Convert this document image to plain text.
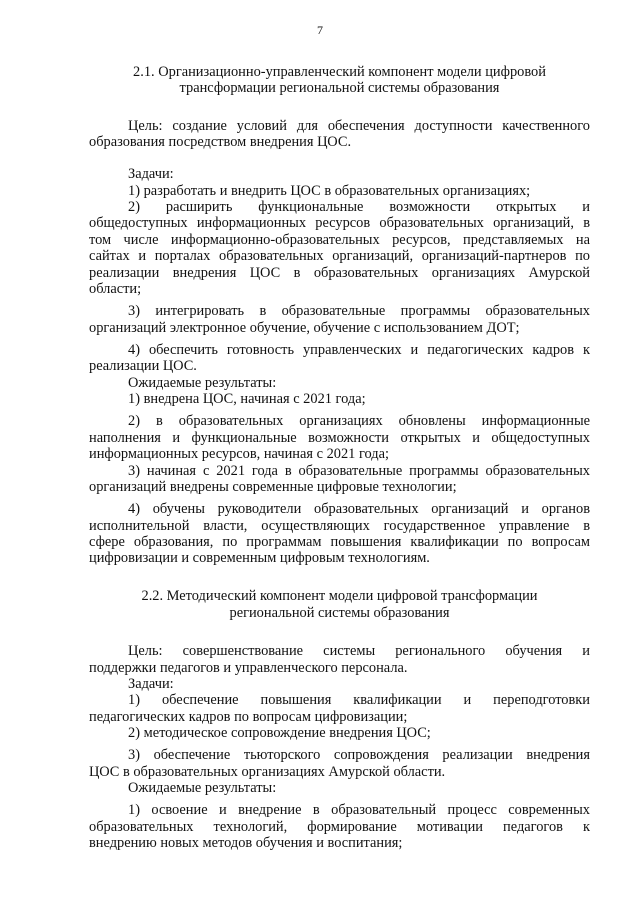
7
2.1. Организационно-управленческий компонент модели цифровой
трансформации региональной системы образования
Цель: создание условий для обеспечения доступности качественного
образования посредством внедрения ЦОС.
Задачи:
1) разработать и внедрить ЦОС в образовательных организациях;
2) расширить функциональные возможности открытых и
общедоступных информационных ресурсов образовательных организаций, в
том числе информационно-образовательных ресурсов, представляемых на
сайтах и порталах образовательных организаций, организаций-партнеров по
реализации внедрения ЦОС в образовательных организациях Амурской
области;
3) интегрировать в образовательные программы образовательных
организаций электронное обучение, обучение с использованием ДОТ;
4) обеспечить готовность управленческих и педагогических кадров к
реализации ЦОС.
Ожидаемые результаты:
1) внедрена ЦОС, начиная с 2021 года;
2) в образовательных организациях обновлены информационные
наполнения и функциональные возможности открытых и общедоступных
информационных ресурсов, начиная с 2021 года;
3) начиная с 2021 года в образовательные программы образовательных
организаций внедрены современные цифровые технологии;
4) обучены руководители образовательных организаций и органов
исполнительной власти, осуществляющих государственное управление в
сфере образования, по программам повышения квалификации по вопросам
цифровизации и современным цифровым технологиям.
2.2. Методический компонент модели цифровой трансформации
региональной системы образования
Цель: совершенствование системы регионального обучения и
поддержки педагогов и управленческого персонала.
Задачи:
1) обеспечение повышения квалификации и переподготовки
педагогических кадров по вопросам цифровизации;
2) методическое сопровождение внедрения ЦОС;
3) обеспечение тьюторского сопровождения реализации внедрения
ЦОС в образовательных организациях Амурской области.
Ожидаемые результаты:
1) освоение и внедрение в образовательный процесс современных
образовательных технологий, формирование мотивации педагогов к
внедрению новых методов обучения и воспитания;
